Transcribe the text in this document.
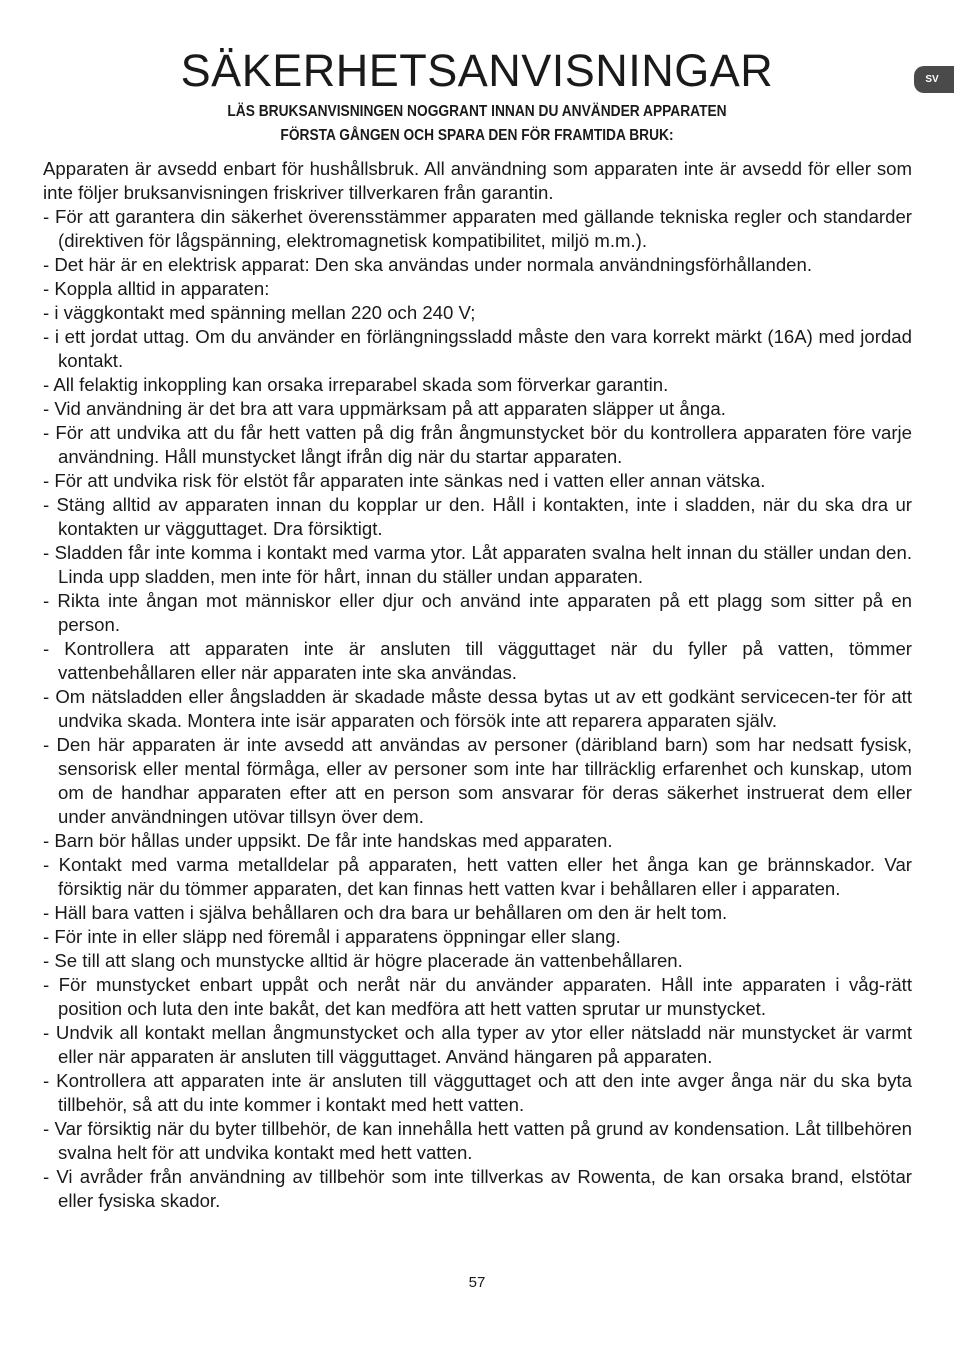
SV
SÄKERHETSANVISNINGAR
LÄS BRUKSANVISNINGEN NOGGRANT INNAN DU ANVÄNDER APPARATEN
FÖRSTA GÅNGEN OCH SPARA DEN FÖR FRAMTIDA BRUK:

Apparaten är avsedd enbart för hushållsbruk. All användning som apparaten inte är avsedd för eller som inte följer bruksanvisningen friskriver tillverkaren från garantin.

- För att garantera din säkerhet överensstämmer apparaten med gällande tekniska regler och standarder (direktiven för lågspänning, elektromagnetisk kompatibilitet, miljö m.m.).
- Det här är en elektrisk apparat: Den ska användas under normala användningsförhållanden.
- Koppla alltid in apparaten:
- i väggkontakt med spänning mellan 220 och 240 V;
- i ett jordat uttag. Om du använder en förlängningssladd måste den vara korrekt märkt (16A) med jordad kontakt.
- All felaktig inkoppling kan orsaka irreparabel skada som förverkar garantin.
- Vid användning är det bra att vara uppmärksam på att apparaten släpper ut ånga.
- För att undvika att du får hett vatten på dig från ångmunstycket bör du kontrollera apparaten före varje användning. Håll munstycket långt ifrån dig när du startar apparaten.
- För att undvika risk för elstöt får apparaten inte sänkas ned i vatten eller annan vätska.
- Stäng alltid av apparaten innan du kopplar ur den. Håll i kontakten, inte i sladden, när du ska dra ur kontakten ur vägguttaget. Dra försiktigt.
- Sladden får inte komma i kontakt med varma ytor. Låt apparaten svalna helt innan du ställer undan den. Linda upp sladden, men inte för hårt, innan du ställer undan apparaten.
- Rikta inte ångan mot människor eller djur och använd inte apparaten på ett plagg som sitter på en person.
- Kontrollera att apparaten inte är ansluten till vägguttaget när du fyller på vatten, tömmer vattenbehållaren eller när apparaten inte ska användas.
- Om nätsladden eller ångsladden är skadade måste dessa bytas ut av ett godkänt servicecen-ter för att undvika skada. Montera inte isär apparaten och försök inte att reparera apparaten själv.
- Den här apparaten är inte avsedd att användas av personer (däribland barn) som har nedsatt fysisk, sensorisk eller mental förmåga, eller av personer som inte har tillräcklig erfarenhet och kunskap, utom om de handhar apparaten efter att en person som ansvarar för deras säkerhet instruerat dem eller under användningen utövar tillsyn över dem.
- Barn bör hållas under uppsikt. De får inte handskas med apparaten.
- Kontakt med varma metalldelar på apparaten, hett vatten eller het ånga kan ge brännskador. Var försiktig när du tömmer apparaten, det kan finnas hett vatten kvar i behållaren eller i apparaten.
- Häll bara vatten i själva behållaren och dra bara ur behållaren om den är helt tom.
- För inte in eller släpp ned föremål i apparatens öppningar eller slang.
- Se till att slang och munstycke alltid är högre placerade än vattenbehållaren.
- För munstycket enbart uppåt och neråt när du använder apparaten. Håll inte apparaten i våg-rätt position och luta den inte bakåt, det kan medföra att hett vatten sprutar ur munstycket.
- Undvik all kontakt mellan ångmunstycket och alla typer av ytor eller nätsladd när munstycket är varmt eller när apparaten är ansluten till vägguttaget. Använd hängaren på apparaten.
- Kontrollera att apparaten inte är ansluten till vägguttaget och att den inte avger ånga när du ska byta tillbehör, så att du inte kommer i kontakt med hett vatten.
- Var försiktig när du byter tillbehör, de kan innehålla hett vatten på grund av kondensation. Låt tillbehören svalna helt för att undvika kontakt med hett vatten.
- Vi avråder från användning av tillbehör som inte tillverkas av Rowenta, de kan orsaka brand, elstötar eller fysiska skador.
57
